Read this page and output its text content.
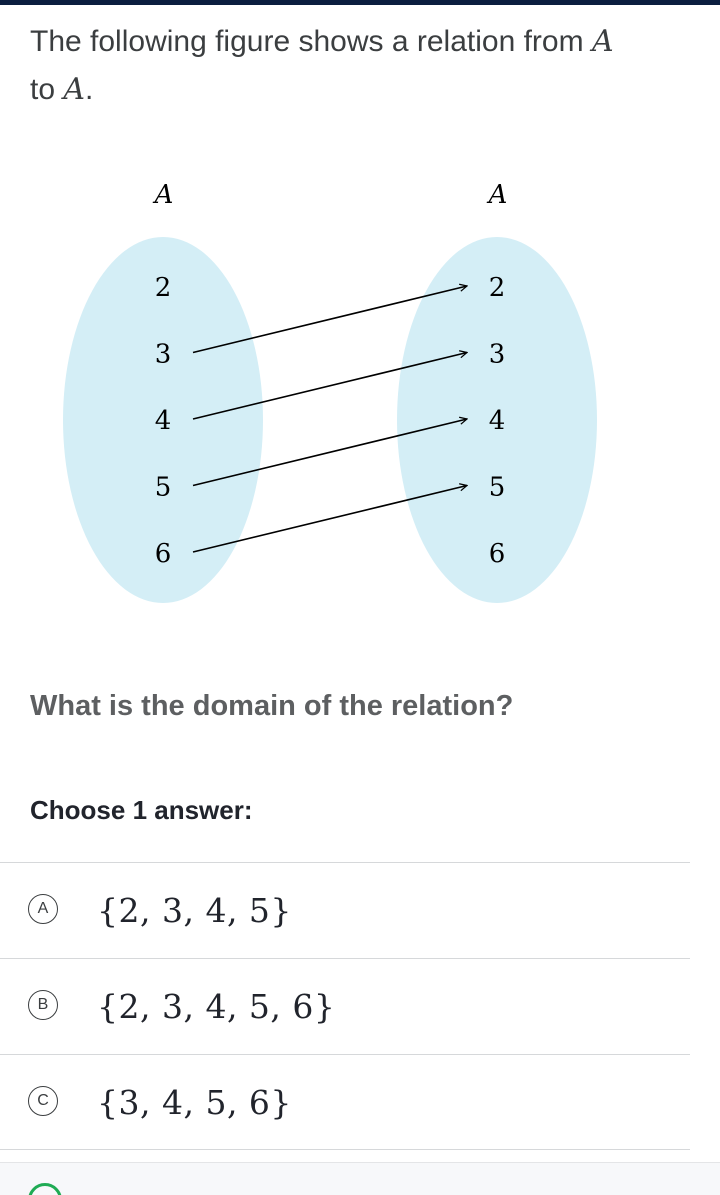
The following figure shows a relation from A
to A.
A	A
2
3
4
5
6
2
3
4
5
6
What is the domain of the relation?
Choose 1 answer:
A {2, 3, 4, 5}
B {2, 3, 4, 5, 6}
C {3, 4, 5, 6}
